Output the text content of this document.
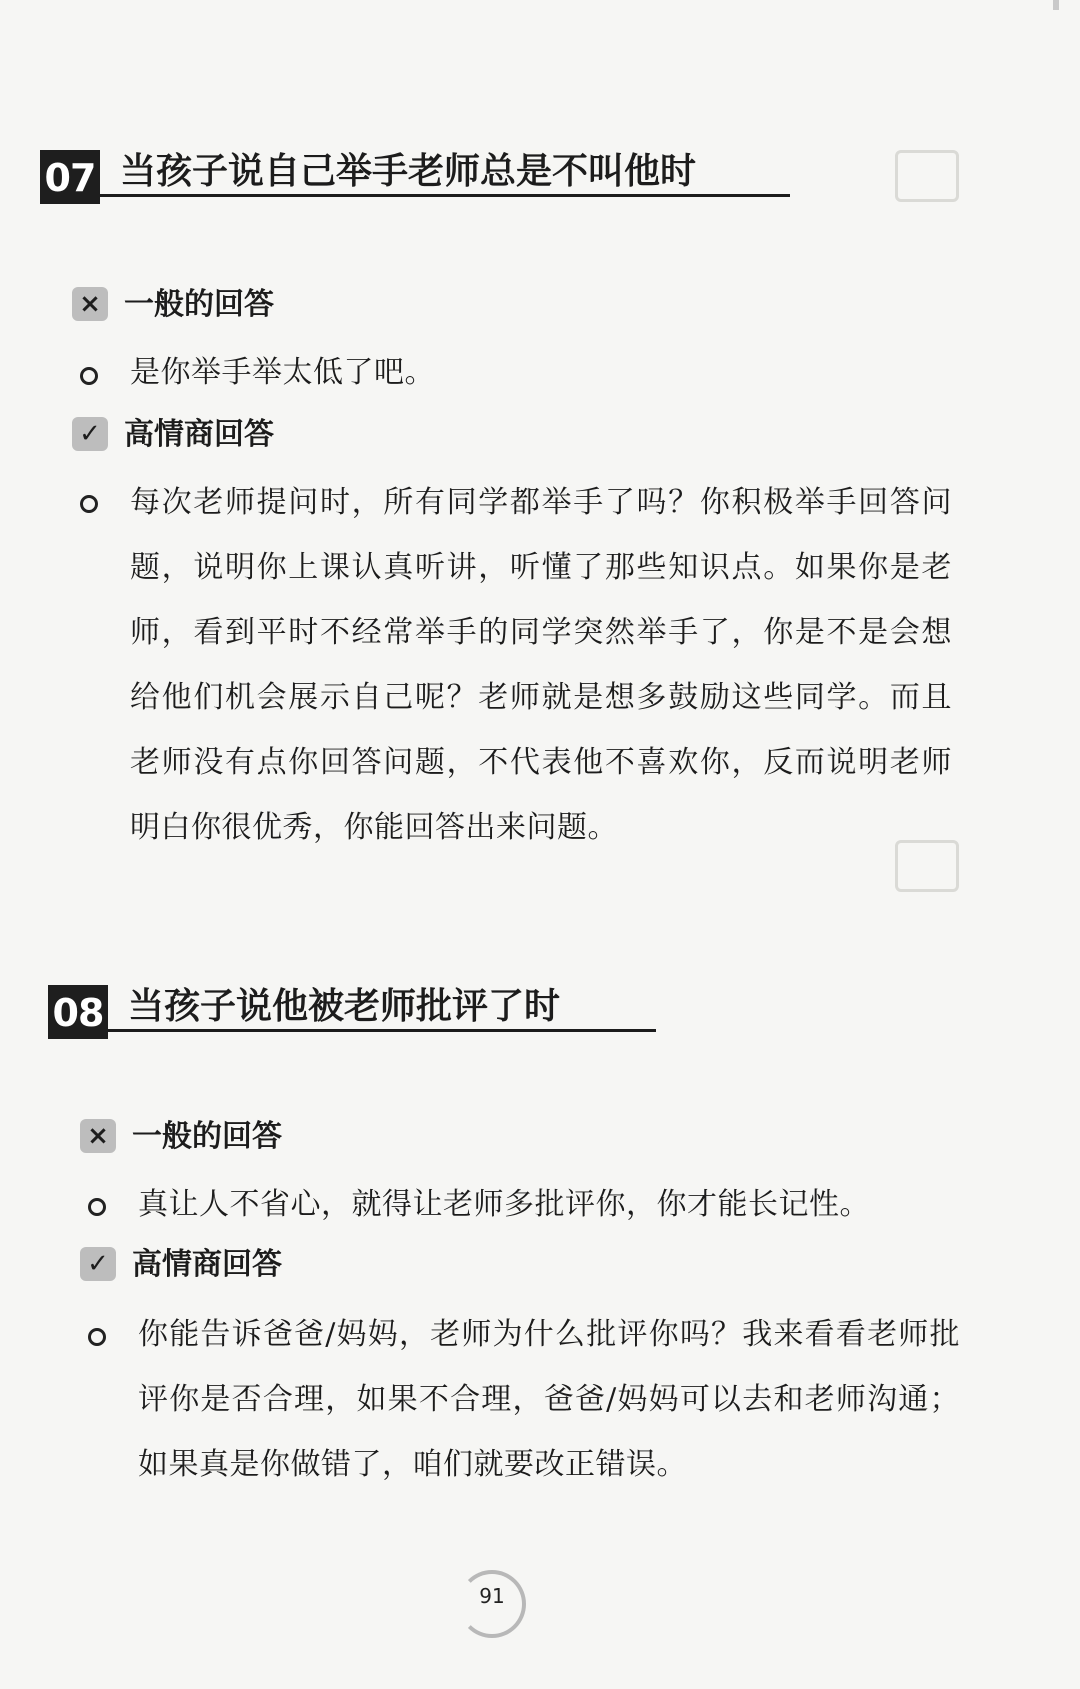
07 当孩子说自己举手老师总是不叫他时
× 一般的回答
是你举手举太低了吧。
✓ 高情商回答
每次老师提问时，所有同学都举手了吗？你积极举手回答问题，说明你上课认真听讲，听懂了那些知识点。如果你是老师，看到平时不经常举手的同学突然举手了，你是不是会想给他们机会展示自己呢？老师就是想多鼓励这些同学。而且老师没有点你回答问题，不代表他不喜欢你，反而说明老师明白你很优秀，你能回答出来问题。
08 当孩子说他被老师批评了时
× 一般的回答
真让人不省心，就得让老师多批评你，你才能长记性。
✓ 高情商回答
你能告诉爸爸/妈妈，老师为什么批评你吗？我来看看老师批评你是否合理，如果不合理，爸爸/妈妈可以去和老师沟通；如果真是你做错了，咱们就要改正错误。
91
